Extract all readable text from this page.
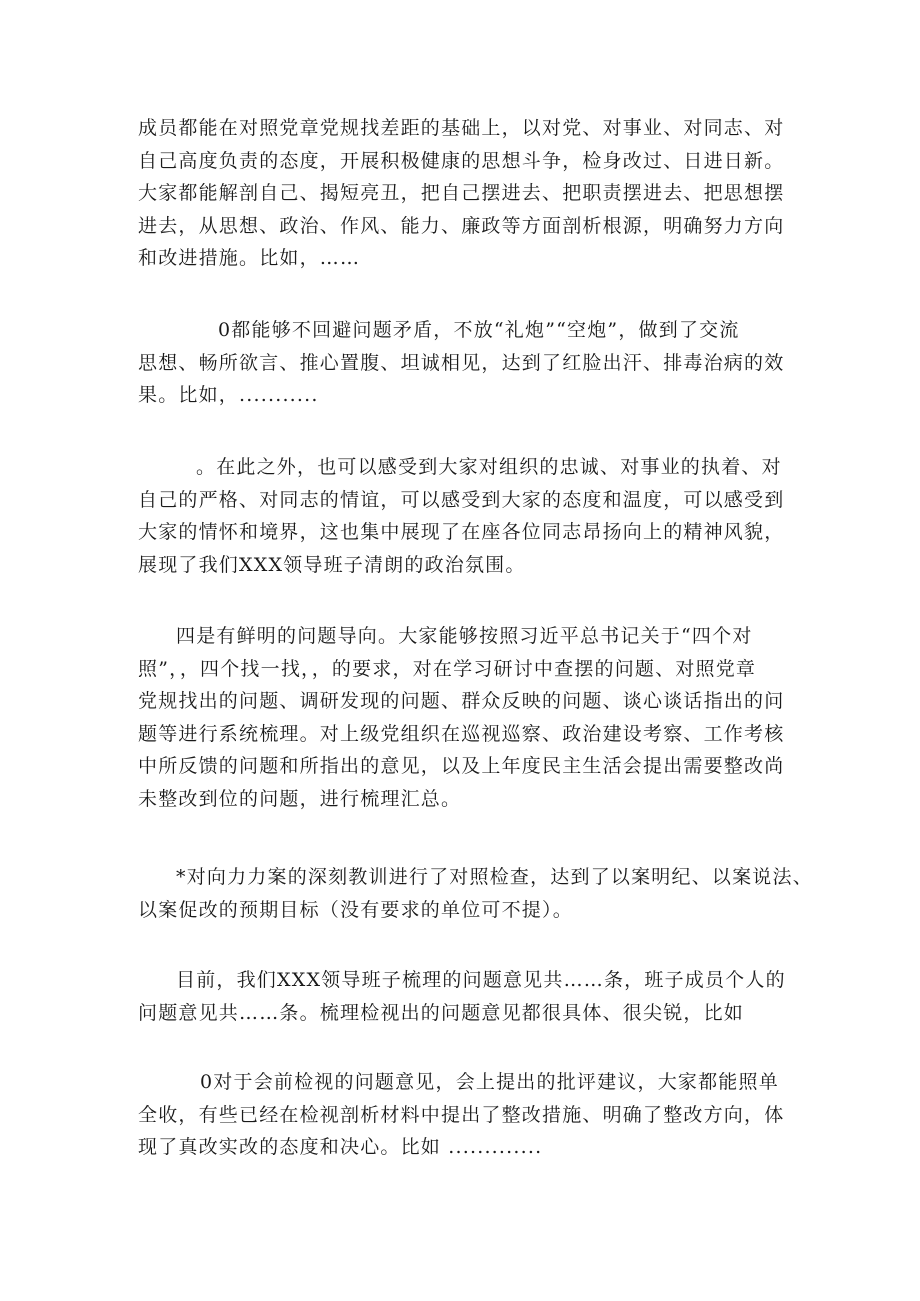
成员都能在对照党章党规找差距的基础上，以对党、对事业、对同志、对
自己高度负责的态度，开展积极健康的思想斗争，检身改过、日进日新。
大家都能解剖自己、揭短亮丑，把自己摆进去、把职责摆进去、把思想摆
进去，从思想、政治、作风、能力、廉政等方面剖析根源，明确努力方向
和改进措施。比如，……
0都能够不回避问题矛盾，不放“礼炮”“空炮”，做到了交流
思想、畅所欲言、推心置腹、坦诚相见，达到了红脸出汗、排毒治病的效
果。比如，...........
。在此之外，也可以感受到大家对组织的忠诚、对事业的执着、对
自己的严格、对同志的情谊，可以感受到大家的态度和温度，可以感受到
大家的情怀和境界，这也集中展现了在座各位同志昂扬向上的精神风貌，
展现了我们XXX领导班子清朗的政治氛围。
四是有鲜明的问题导向。大家能够按照习近平总书记关于“四个对
照”，，四个找一找，，的要求，对在学习研讨中查摆的问题、对照党章
党规找出的问题、调研发现的问题、群众反映的问题、谈心谈话指出的问
题等进行系统梳理。对上级党组织在巡视巡察、政治建设考察、工作考核
中所反馈的问题和所指出的意见，以及上年度民主生活会提出需要整改尚
未整改到位的问题，进行梳理汇总。
*对向力力案的深刻教训进行了对照检查，达到了以案明纪、以案说法、
以案促改的预期目标（没有要求的单位可不提）。
目前，我们XXX领导班子梳理的问题意见共……条，班子成员个人的
问题意见共……条。梳理检视出的问题意见都很具体、很尖锐，比如
0对于会前检视的问题意见，会上提出的批评建议，大家都能照单
全收，有些已经在检视剖析材料中提出了整改措施、明确了整改方向，体
现了真改实改的态度和决心。比如 .............
